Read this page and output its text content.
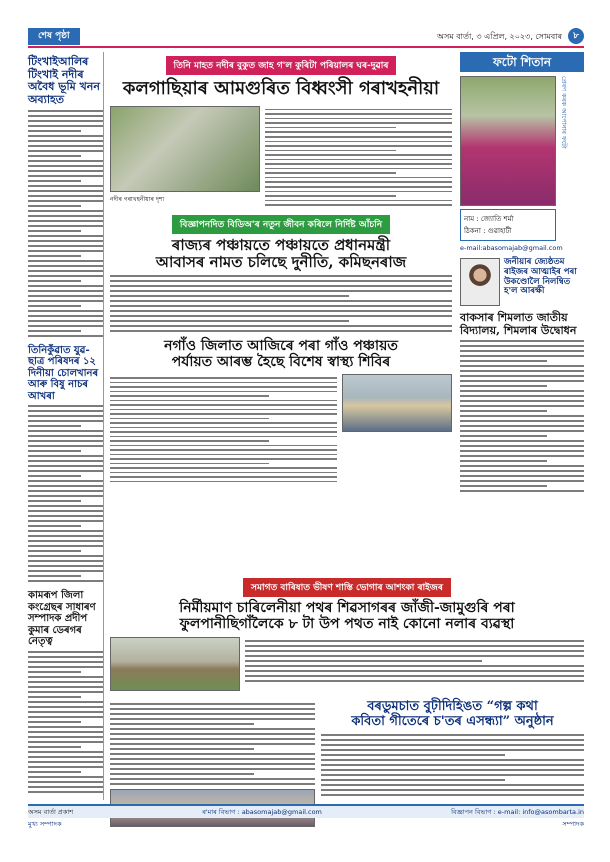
শেষ পৃষ্ঠা	অসম বাৰ্তা, ৩ এপ্ৰিল, ২০২৩, সোমবাৰ	৮
টিংখাইআলিৰ টিংখাই নদীৰ অবৈধ ভূমি খনন অব্যাহত
তিনিকুঁৱাত যুৱ-ছাত্ৰ পৰিষদৰ ১২ দিনীয়া চোলখানৰ আৰু বিষু নাচৰ আখৰা
কামৰূপ জিলা কংগ্ৰেছৰ সাধাৰণ সম্পাদক প্ৰদীপ কুমাৰ ডেৰগৰ নেতৃত্ব
তিনি মাহত নদীৰ বুকুত জাহ গ'ল কুৰিটা পৰিয়ালৰ ঘৰ-দুৱাৰ
কলগাছিয়াৰ আমগুৰিত বিধ্বংসী গৰাখহনীয়া
নদীৰ গৰাখহনীয়াৰ দৃশ্য
বিজ্ঞাপনদিত বিডিঅ'ৰ নতুন জীবন কৰিলে নিৰ্দিষ্ট আঁচনি
ৰাজ্যৰ পঞ্চায়তে পঞ্চায়তে প্ৰধানমন্ত্ৰী
আবাসৰ নামত চলিছে দুনীতি, কমিছনৰাজ
নগাঁও জিলাত আজিৰে পৰা গাঁও পঞ্চায়ত
পৰ্যায়ত আৰম্ভ হৈছে বিশেষ স্বাস্থ্য শিবিৰ
ফটো শিতান
প্ৰেৰণ কৰক আপোনাৰ ফটো
নাম : জ্যোতি শৰ্মা
ঠিকনা : গুৱাহাটী
e-mail:abasomajab@gmail.com
জনীয়াৰ জ্যেষ্ঠতম ৰাইজৰ আত্মাইৰ পৰা উকণ্ডোলৈ নিলম্বিত হ'ল আৰক্ষী
বাকসাৰ শিমলাত জাতীয় বিদ্যালয়, শিমলাৰ উদ্বোধন
সমাগত বাৰিষাত ভীষণ শাস্তি ভোগাৰ আশংকা ৰাইজৰ
নিৰ্মীয়মাণ চাৰিলেনীয়া পথৰ শিৱসাগৰৰ জাঁজী-জামুগুৰি পৰা
ফুলপানীছিগাঁলৈকে ৮ টা উপ পথত নাই কোনো নলাৰ ব্যৱস্থা
বৰডুমচাত বুঢ়ীদিহিঙত “গল্প কথা
কবিতা গীতেৰে চ'তৰ এসন্ধ্যা” অনুষ্ঠান
অসম বাৰ্তা প্ৰকাশ	ৰ'মাৰ বিভাগ : abasomajab@gmail.com	বিজ্ঞাপন বিভাগ : e-mail: info@asombarta.in
মুখ্য সম্পাদক	সম্পাদক
